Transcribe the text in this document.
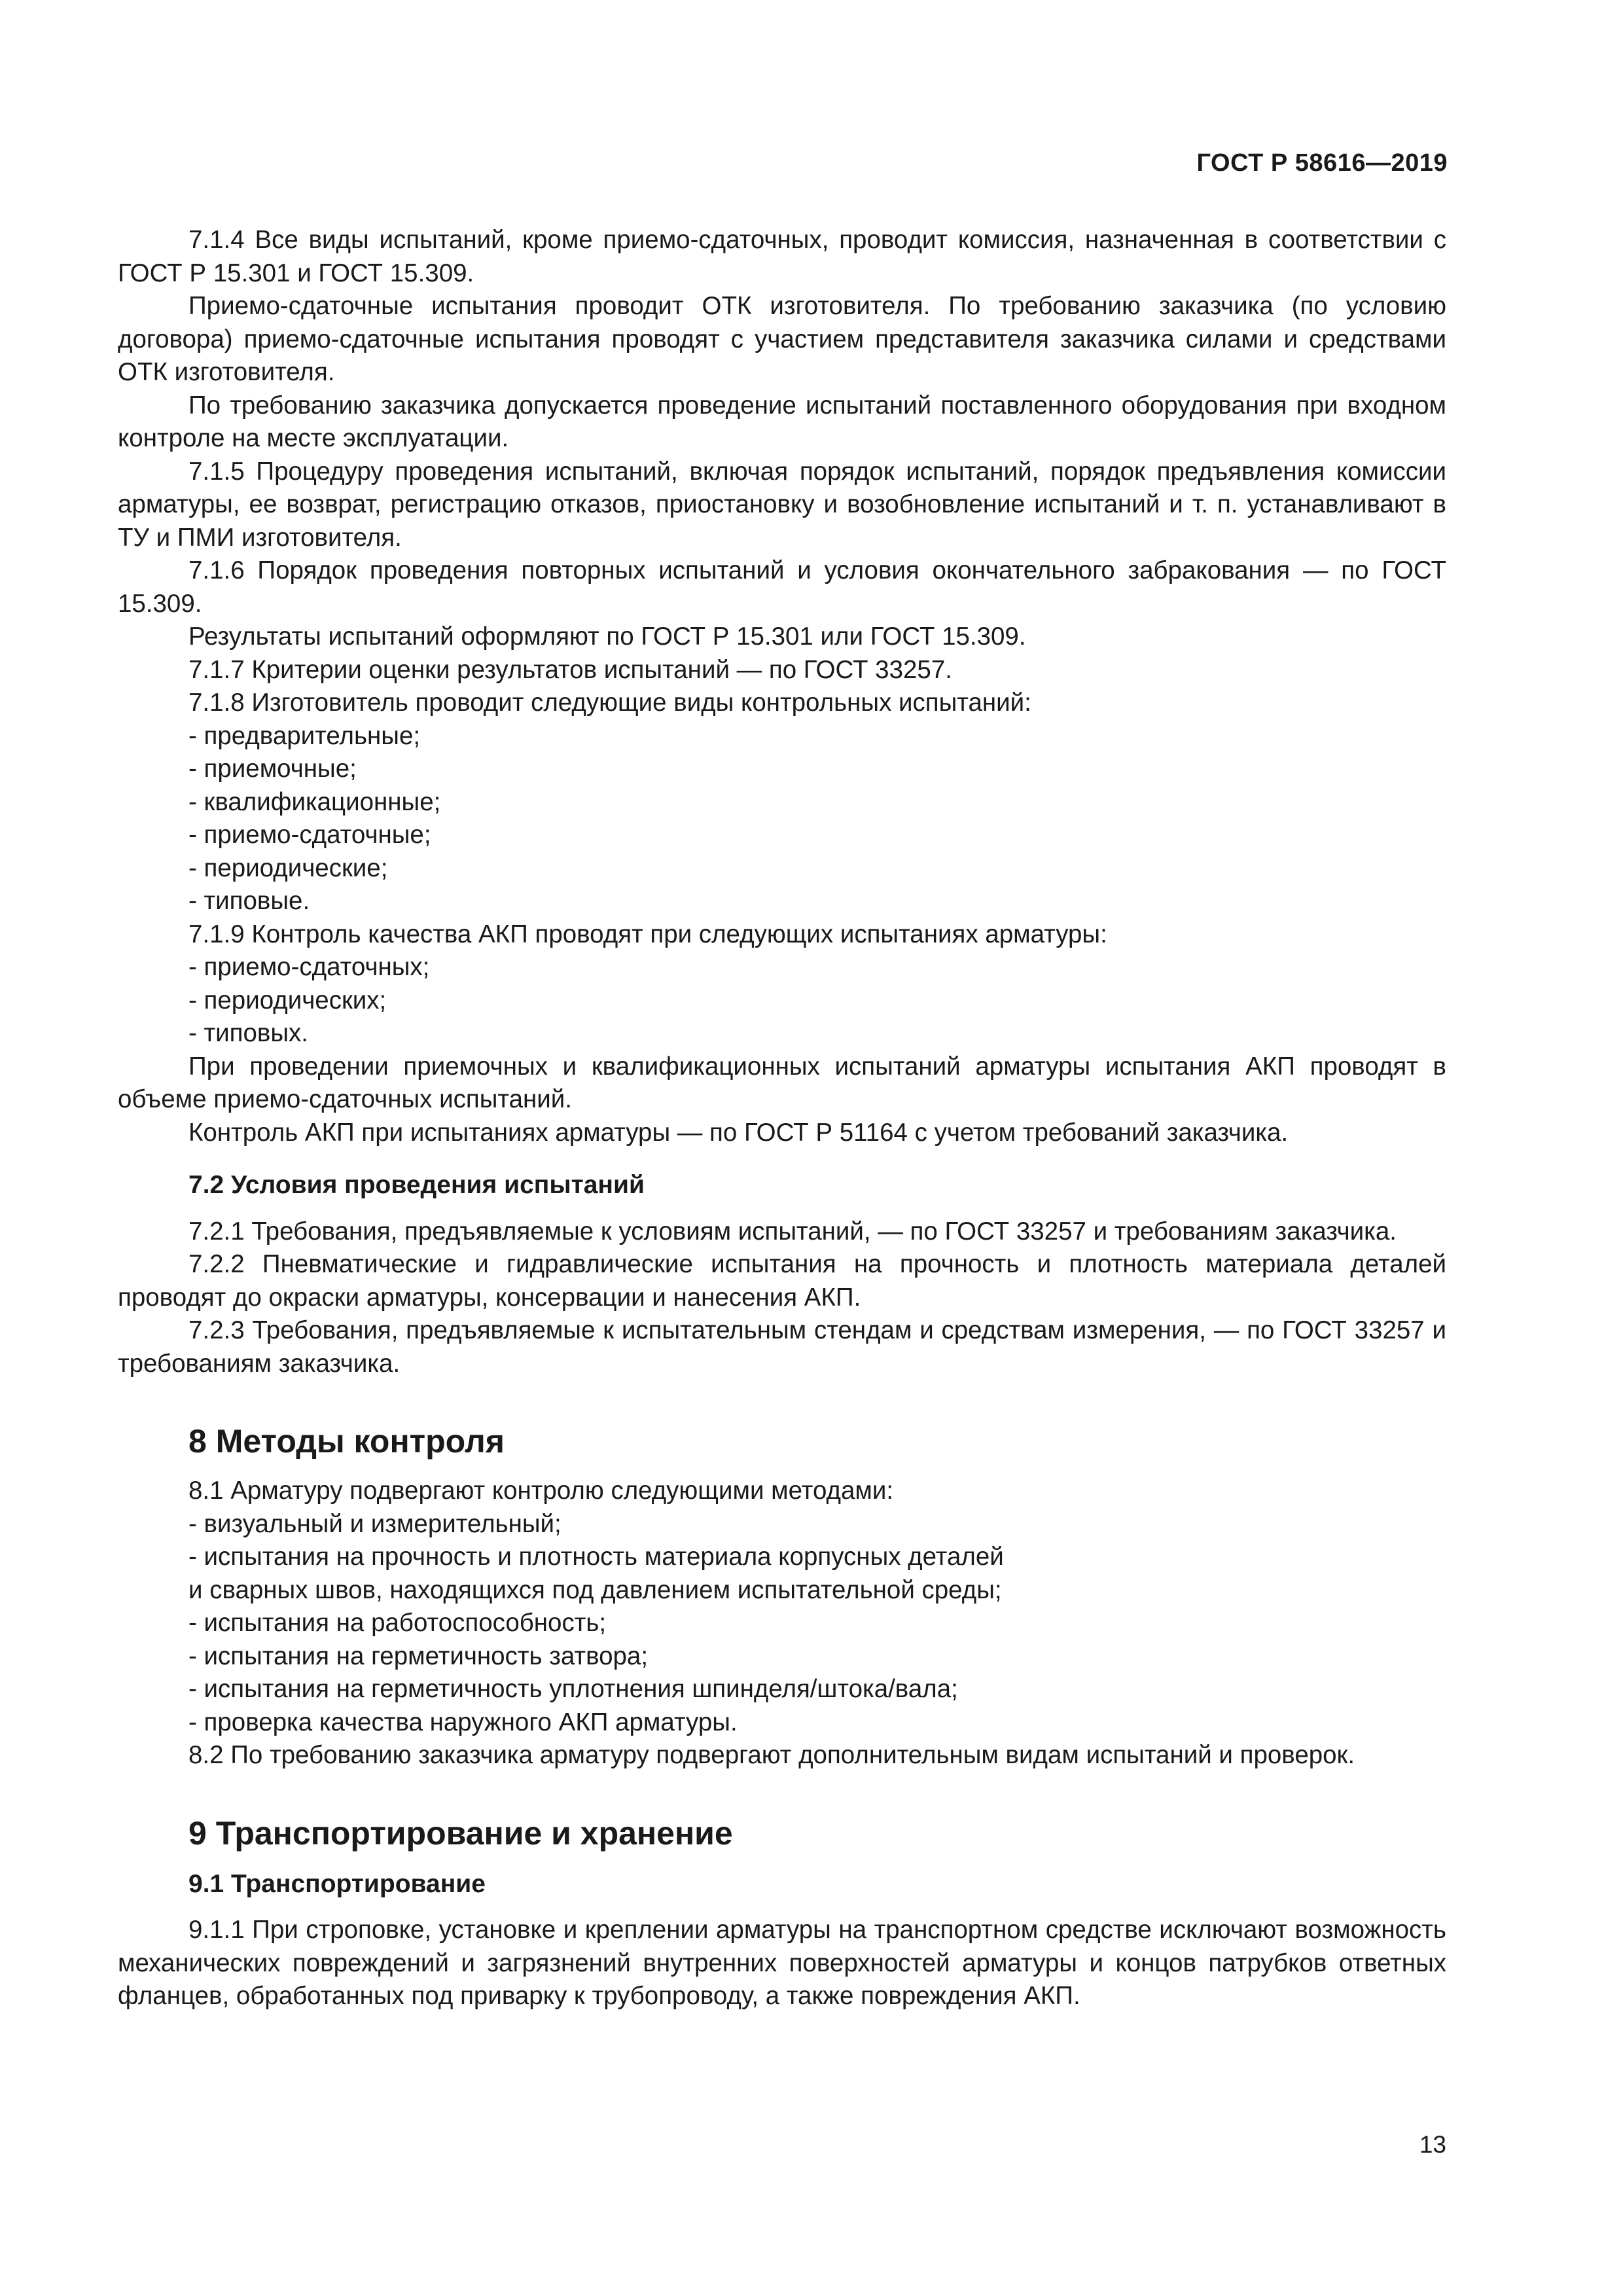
ГОСТ Р 58616—2019

7.1.4 Все виды испытаний, кроме приемо-сдаточных, проводит комиссия, назначенная в соответствии с ГОСТ Р 15.301 и ГОСТ 15.309.

Приемо-сдаточные испытания проводит ОТК изготовителя. По требованию заказчика (по условию договора) приемо-сдаточные испытания проводят с участием представителя заказчика силами и средствами ОТК изготовителя.

По требованию заказчика допускается проведение испытаний поставленного оборудования при входном контроле на месте эксплуатации.

7.1.5 Процедуру проведения испытаний, включая порядок испытаний, порядок предъявления комиссии арматуры, ее возврат, регистрацию отказов, приостановку и возобновление испытаний и т. п. устанавливают в ТУ и ПМИ изготовителя.

7.1.6 Порядок проведения повторных испытаний и условия окончательного забракования — по ГОСТ 15.309.

Результаты испытаний оформляют по ГОСТ Р 15.301 или ГОСТ 15.309.

7.1.7 Критерии оценки результатов испытаний — по ГОСТ 33257.

7.1.8 Изготовитель проводит следующие виды контрольных испытаний:

- предварительные;

- приемочные;

- квалификационные;

- приемо-сдаточные;

- периодические;

- типовые.

7.1.9 Контроль качества АКП проводят при следующих испытаниях арматуры:

- приемо-сдаточных;

- периодических;

- типовых.

При проведении приемочных и квалификационных испытаний арматуры испытания АКП проводят в объеме приемо-сдаточных испытаний.

Контроль АКП при испытаниях арматуры — по ГОСТ Р 51164 с учетом требований заказчика.

7.2 Условия проведения испытаний

7.2.1 Требования, предъявляемые к условиям испытаний, — по ГОСТ 33257 и требованиям заказчика.

7.2.2 Пневматические и гидравлические испытания на прочность и плотность материала деталей проводят до окраски арматуры, консервации и нанесения АКП.

7.2.3 Требования, предъявляемые к испытательным стендам и средствам измерения, — по ГОСТ 33257 и требованиям заказчика.

8 Методы контроля

8.1 Арматуру подвергают контролю следующими методами:

- визуальный и измерительный;

- испытания на прочность и плотность материала корпусных деталей

и сварных швов, находящихся под давлением испытательной среды;

- испытания на работоспособность;

- испытания на герметичность затвора;

- испытания на герметичность уплотнения шпинделя/штока/вала;

- проверка качества наружного АКП арматуры.

8.2 По требованию заказчика арматуру подвергают дополнительным видам испытаний и проверок.

9 Транспортирование и хранение
9.1 Транспортирование

9.1.1 При строповке, установке и креплении арматуры на транспортном средстве исключают возможность механических повреждений и загрязнений внутренних поверхностей арматуры и концов патрубков ответных фланцев, обработанных под приварку к трубопроводу, а также повреждения АКП.

13
